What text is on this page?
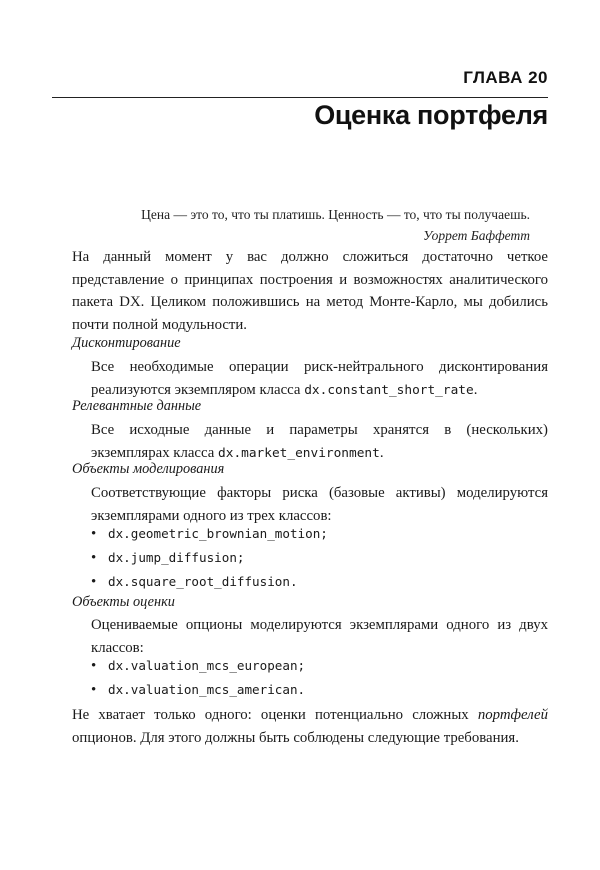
ГЛАВА 20
Оценка портфеля
Цена — это то, что ты платишь. Ценность — то, что ты получаешь.
Уоррет Баффетт
На данный момент у вас должно сложиться достаточно четкое представление о принципах построения и возможностях аналитического пакета DX. Целиком положившись на метод Монте-Карло, мы добились почти полной модульности.
Дисконтирование
Все необходимые операции риск-нейтрального дисконтирования реализуются экземпляром класса dx.constant_short_rate.
Релевантные данные
Все исходные данные и параметры хранятся в (нескольких) экземплярах класса dx.market_environment.
Объекты моделирования
Соответствующие факторы риска (базовые активы) моделируются экземплярами одного из трех классов:
• dx.geometric_brownian_motion;
• dx.jump_diffusion;
• dx.square_root_diffusion.
Объекты оценки
Оцениваемые опционы моделируются экземплярами одного из двух классов:
• dx.valuation_mcs_european;
• dx.valuation_mcs_american.
Не хватает только одного: оценки потенциально сложных портфелей опционов. Для этого должны быть соблюдены следующие требования.
